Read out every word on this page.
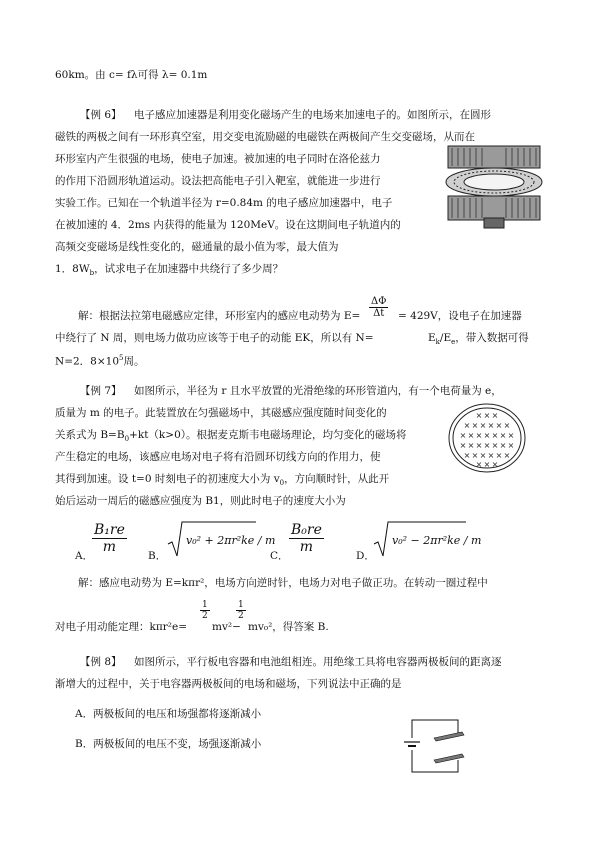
60km。由 c= fλ可得 λ= 0.1m
【例 6】 电子感应加速器是利用变化磁场产生的电场来加速电子的。如图所示，在圆形
磁铁的两极之间有一环形真空室，用交变电流励磁的电磁铁在两极间产生交变磁场，从而在
环形室内产生很强的电场，使电子加速。被加速的电子同时在洛伦兹力
的作用下沿圆形轨道运动。设法把高能电子引入靶室，就能进一步进行
实验工作。已知在一个轨道半径为 r=0.84m 的电子感应加速器中，电子
在被加速的 4．2ms 内获得的能量为 120MeV。设在这期间电子轨道内的
高频交变磁场是线性变化的，磁通量的最小值为零，最大值为
1．$8W_b$，试求电子在加速器中共绕行了多少周？
$\frac{\Delta\Phi}{\Delta t}$
解：根据法拉第电磁感应定律，环形室内的感应电动势为 E=	= 429V，设电子在加速器
中绕行了 N 周，则电场力做功应该等于电子的动能 EK，所以有 N=	$E_k/E_e$，带入数据可得
N=2．$8\times 10^5$周。
【例 7】 如图所示，半径为 r 且水平放置的光滑绝缘的环形管道内，有一个电荷量为 e，
质量为 m 的电子。此装置放在匀强磁场中，其磁感应强度随时间变化的
关系式为 $B=B_0+kt(k>0)$。根据麦克斯韦电磁场理论，均匀变化的磁场将
产生稳定的电场，该感应电场对电子将有沿圆环切线方向的作用力，使
其得到加速。设 t=0 时刻电子的初速度大小为 $v_0$，方向顺时针，从此开
始后运动一周后的磁感应强度为 B1，则此时电子的速度大小为
× × ×
× × × × × ×
× × × × × × ×
× × × × × × ×
× × × × × ×
× × ×
A．
$\frac{\text{B₁re}}{m}$
B．
v₀² + 2πr²ke / m
C．
$\frac{\text{B₀re}}{m}$
D．
v₀² − 2πr²ke / m
解：感应电动势为 E=kπr²，电场方向逆时针，电场力对电子做正功。在转动一圈过程中
对电子用动能定理：kπr²e=
$\frac{1}{2}$
mv²−
$\frac{1}{2}$
mv₀²，得答案 B.
【例 8】 如图所示，平行板电容器和电池组相连。用绝缘工具将电容器两极板间的距离逐
渐增大的过程中，关于电容器两极板间的电场和磁场，下列说法中正确的是
A．两极板间的电压和场强都将逐渐减小
B．两极板间的电压不变，场强逐渐减小
